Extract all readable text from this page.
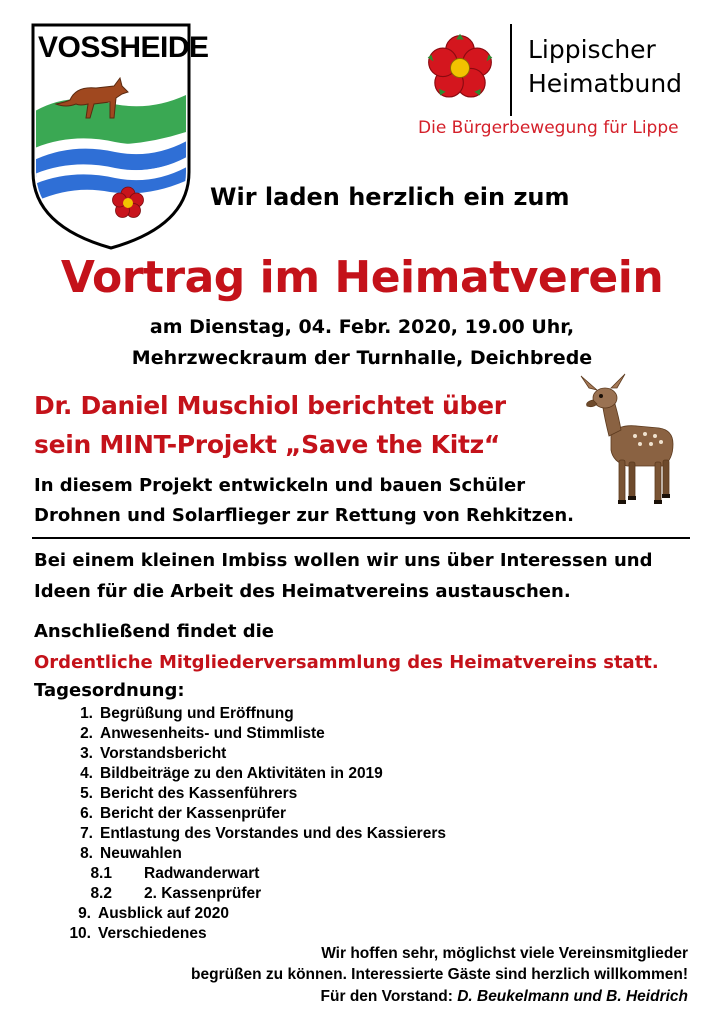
VOSSHEIDE	Lippischer
Heimatbund
Die Bürgerbewegung für Lippe
Wir laden herzlich ein zum
Vortrag im Heimatverein
am Dienstag, 04. Febr. 2020, 19.00 Uhr,
Mehrzweckraum der Turnhalle, Deichbrede
Dr. Daniel Muschiol berichtet über
sein MINT-Projekt „Save the Kitz“
In diesem Projekt entwickeln und bauen Schüler
Drohnen und Solarflieger zur Rettung von Rehkitzen.
Bei einem kleinen Imbiss wollen wir uns über Interessen und
Ideen für die Arbeit des Heimatvereins austauschen.
Anschließend findet die
Ordentliche Mitgliederversammlung des Heimatvereins statt.
Tagesordnung:
1. Begrüßung und Eröffnung
2. Anwesenheits- und Stimmliste
3. Vorstandsbericht
4. Bildbeiträge zu den Aktivitäten in 2019
5. Bericht des Kassenführers
6. Bericht der Kassenprüfer
7. Entlastung des Vorstandes und des Kassierers
8. Neuwahlen
8.1 Radwanderwart
8.2 2. Kassenprüfer
9. Ausblick auf 2020
10. Verschiedenes
Wir hoffen sehr, möglichst viele Vereinsmitglieder
begrüßen zu können. Interessierte Gäste sind herzlich willkommen!
Für den Vorstand: D. Beukelmann und B. Heidrich
